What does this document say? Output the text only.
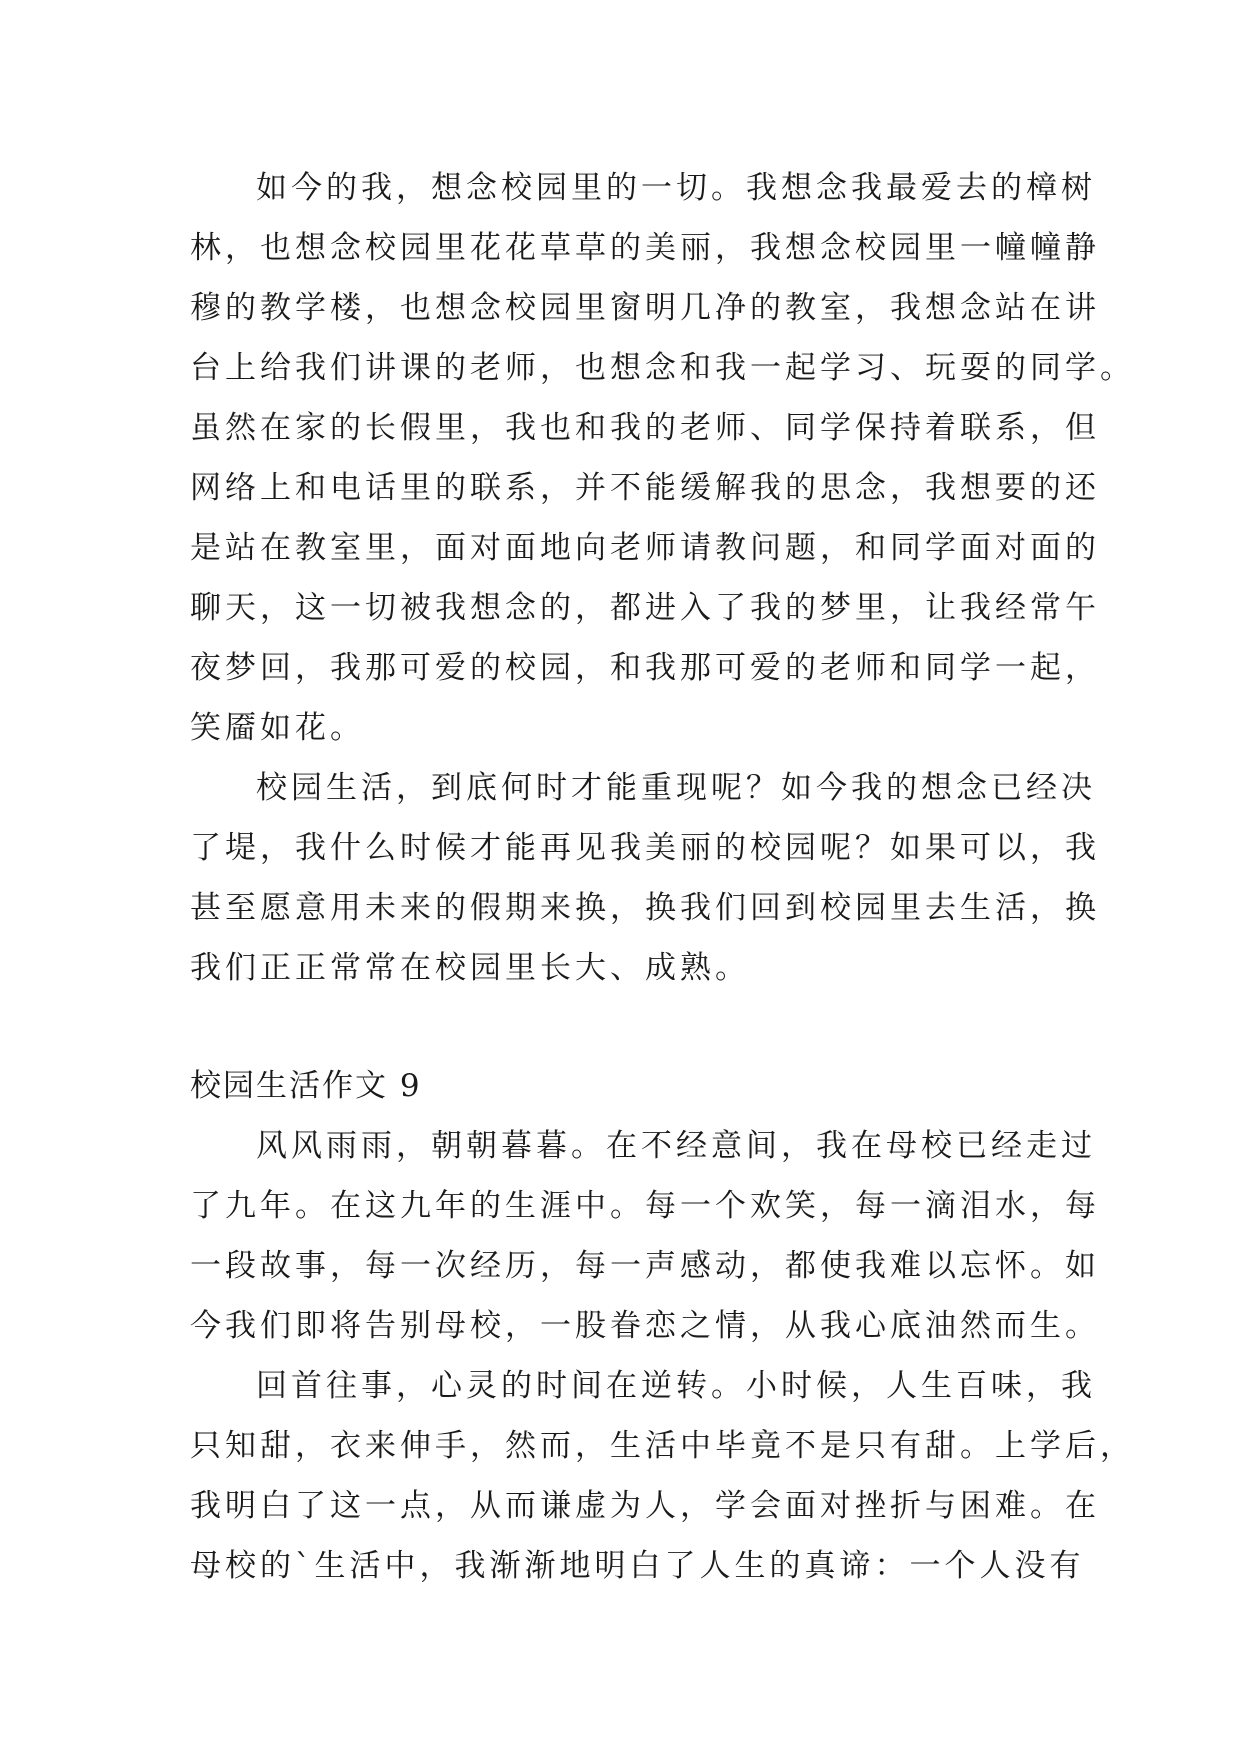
如今的我，想念校园里的一切。我想念我最爱去的樟树
林，也想念校园里花花草草的美丽，我想念校园里一幢幢静
穆的教学楼，也想念校园里窗明几净的教室，我想念站在讲
台上给我们讲课的老师，也想念和我一起学习、玩耍的同学。
虽然在家的长假里，我也和我的老师、同学保持着联系，但
网络上和电话里的联系，并不能缓解我的思念，我想要的还
是站在教室里，面对面地向老师请教问题，和同学面对面的
聊天，这一切被我想念的，都进入了我的梦里，让我经常午
夜梦回，我那可爱的校园，和我那可爱的老师和同学一起，
笑靥如花。
校园生活，到底何时才能重现呢？如今我的想念已经决
了堤，我什么时候才能再见我美丽的校园呢？如果可以，我
甚至愿意用未来的假期来换，换我们回到校园里去生活，换
我们正正常常在校园里长大、成熟。
校园生活作文 9
风风雨雨，朝朝暮暮。在不经意间，我在母校已经走过
了九年。在这九年的生涯中。每一个欢笑，每一滴泪水，每
一段故事，每一次经历，每一声感动，都使我难以忘怀。如
今我们即将告别母校，一股眷恋之情，从我心底油然而生。
回首往事，心灵的时间在逆转。小时候，人生百味，我
只知甜，衣来伸手，然而，生活中毕竟不是只有甜。上学后，
我明白了这一点，从而谦虚为人，学会面对挫折与困难。在
母校的`生活中，我渐渐地明白了人生的真谛：一个人没有
